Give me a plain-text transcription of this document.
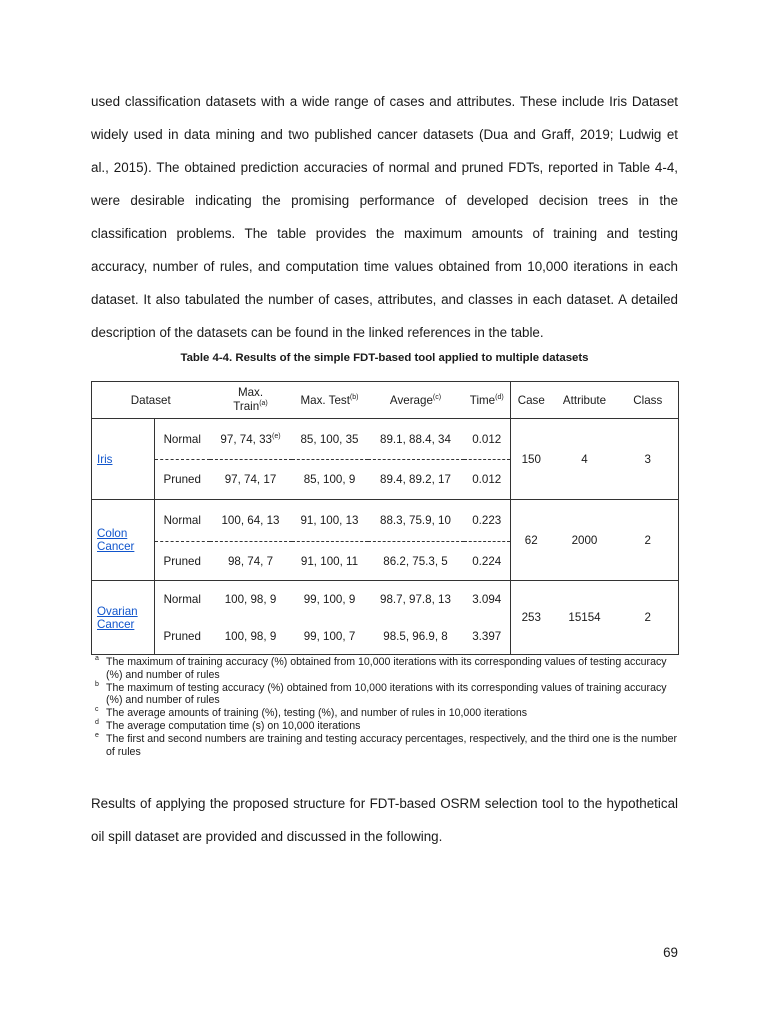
used classification datasets with a wide range of cases and attributes. These include Iris Dataset
widely used in data mining and two published cancer datasets (Dua and Graff, 2019; Ludwig et
al., 2015). The obtained prediction accuracies of normal and pruned FDTs, reported in Table 4-4,
were desirable indicating the promising performance of developed decision trees in the
classification problems. The table provides the maximum amounts of training and testing
accuracy, number of rules, and computation time values obtained from 10,000 iterations in each
dataset. It also tabulated the number of cases, attributes, and classes in each dataset. A detailed
description of the datasets can be found in the linked references in the table.
Table 4-4. Results of the simple FDT-based tool applied to multiple datasets
Dataset		Max.
Train$^{(a)}$	Max. Test$^{(b)}$	Average$^{(c)}$	Time$^{(d)}$	Case	Attribute	Class
Iris	Normal	97, 74, 33$^{(e)}$	85, 100, 35	89.1, 88.4, 34	0.012	150	4	3
	Pruned	97, 74, 17	85, 100, 9	89.4, 89.2, 17	0.012			
Colon
Cancer	Normal	100, 64, 13	91, 100, 13	88.3, 75.9, 10	0.223	62	2000	2
	Pruned	98, 74, 7	91, 100, 11	86.2, 75.3, 5	0.224			
Ovarian
Cancer	Normal	100, 98, 9	99, 100, 9	98.7, 97.8, 13	3.094	253	15154	2
	Pruned	100, 98, 9	99, 100, 7	98.5, 96.9, 8	3.397			
a The maximum of training accuracy (%) obtained from 10,000 iterations with its corresponding values of testing accuracy (%) and number of rules
b The maximum of testing accuracy (%) obtained from 10,000 iterations with its corresponding values of training accuracy (%) and number of rules
c The average amounts of training (%), testing (%), and number of rules in 10,000 iterations
d The average computation time (s) on 10,000 iterations
e The first and second numbers are training and testing accuracy percentages, respectively, and the third one is the number of rules
Results of applying the proposed structure for FDT-based OSRM selection tool to the hypothetical
oil spill dataset are provided and discussed in the following.
69
